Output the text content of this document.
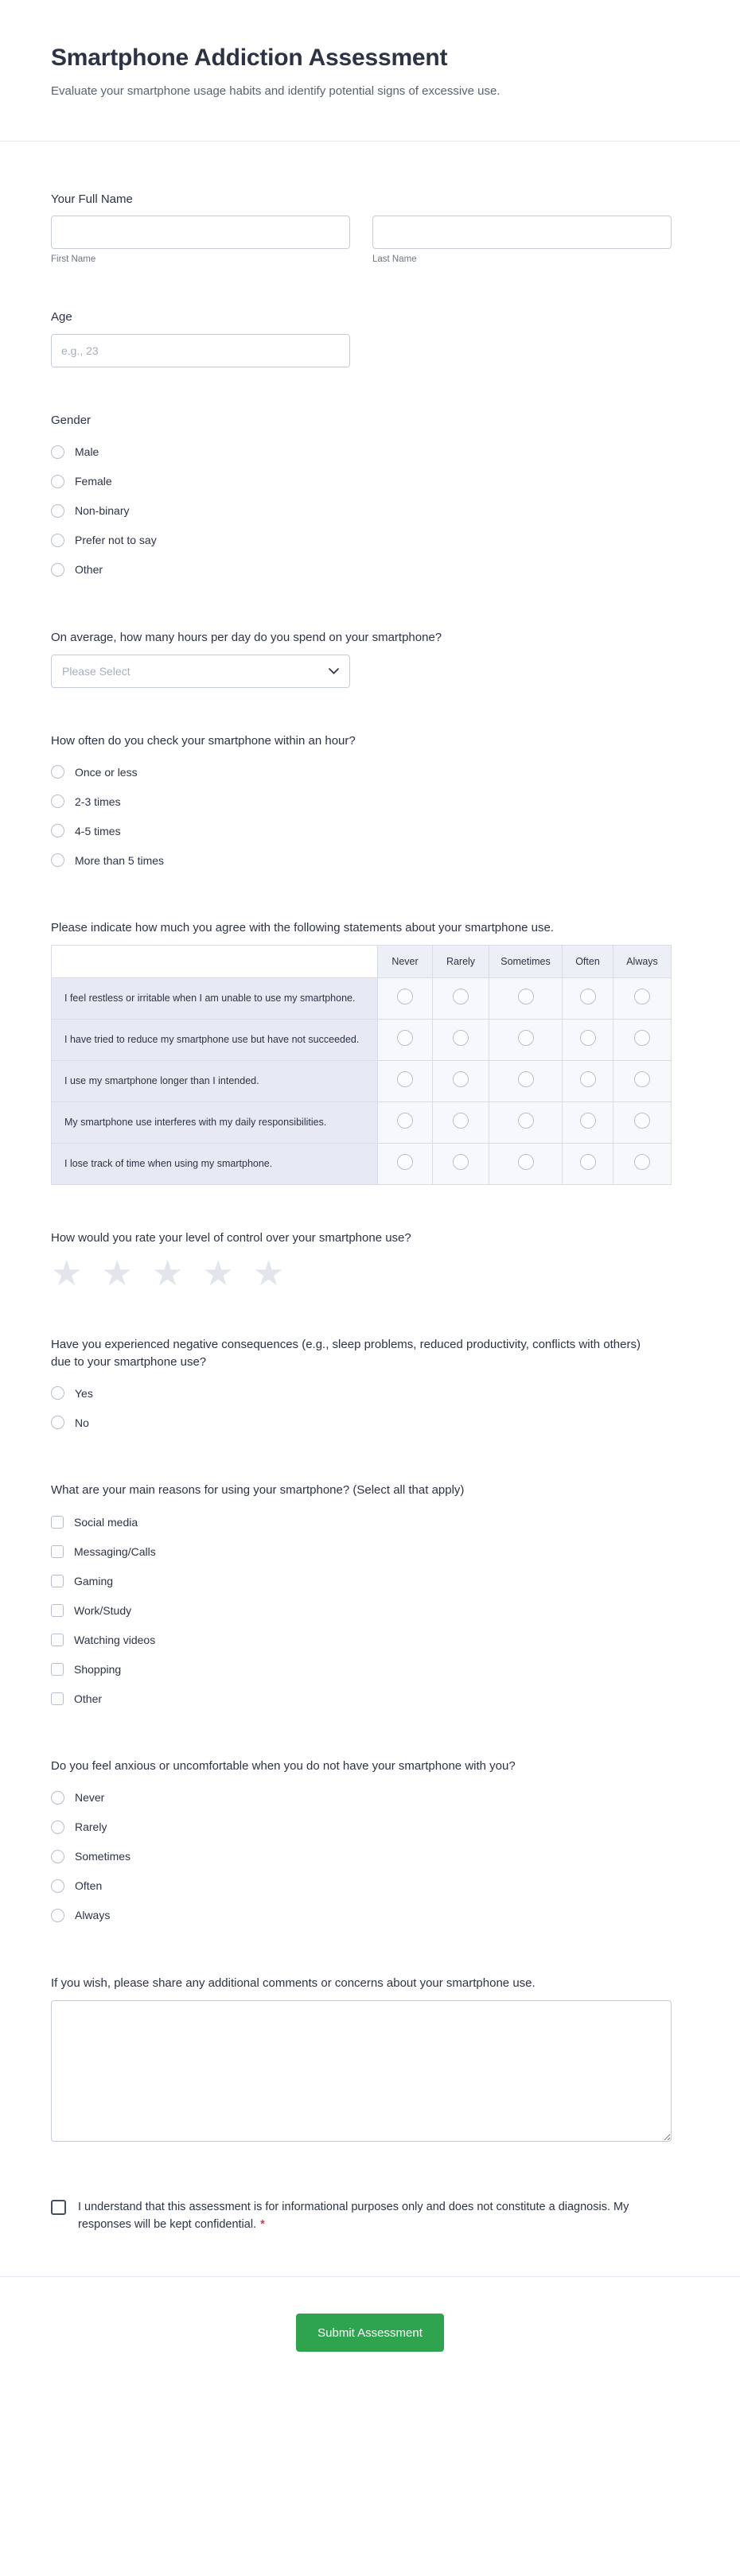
Smartphone Addiction Assessment

Evaluate your smartphone usage habits and identify potential signs of excessive use.

Your Full Name
First Name	Last Name
Age
e.g., 23
Gender
Male
Female
Non-binary
Prefer not to say
Other
On average, how many hours per day do you spend on your smartphone?
Please Select
How often do you check your smartphone within an hour?
Once or less
2-3 times
4-5 times
More than 5 times
Please indicate how much you agree with the following statements about your smartphone use.
	Never	Rarely	Sometimes	Often	Always
I feel restless or irritable when I am unable to use my smartphone.					
I have tried to reduce my smartphone use but have not succeeded.					
I use my smartphone longer than I intended.					
My smartphone use interferes with my daily responsibilities.					
I lose track of time when using my smartphone.					
How would you rate your level of control over your smartphone use?
★ ★ ★ ★ ★
Have you experienced negative consequences (e.g., sleep problems, reduced productivity, conflicts with others) due to your smartphone use?
Yes
No
What are your main reasons for using your smartphone? (Select all that apply)
Social media
Messaging/Calls
Gaming
Work/Study
Watching videos
Shopping
Other
Do you feel anxious or uncomfortable when you do not have your smartphone with you?
Never
Rarely
Sometimes
Often
Always
If you wish, please share any additional comments or concerns about your smartphone use.
I understand that this assessment is for informational purposes only and does not constitute a diagnosis. My responses will be kept confidential. *
Submit Assessment
